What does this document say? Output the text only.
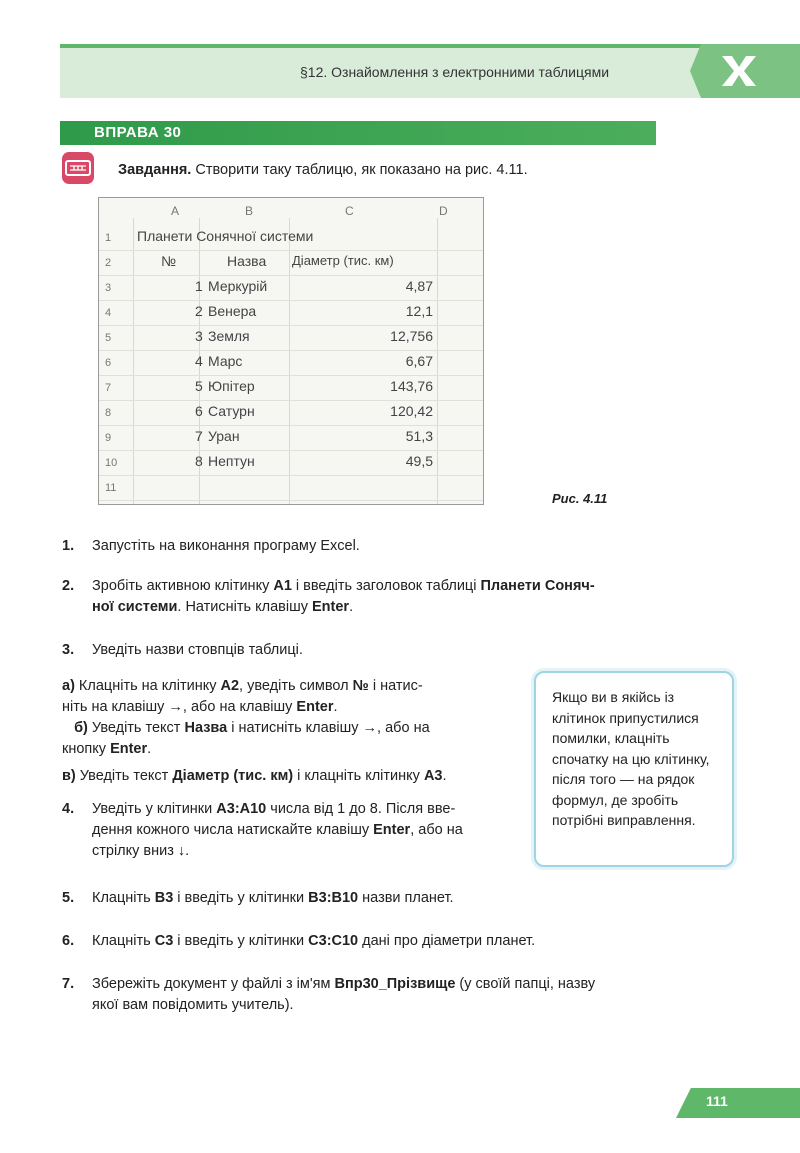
§12. Ознайомлення з електронними таблицями
ВПРАВА 30
Завдання. Створити таку таблицю, як показано на рис. 4.11.
A	B	C	D
1
2
3
4
5
6
7
8
9
10
11
Планети Сонячної системи
№	Назва Діаметр (тис. км)
1 Меркурій	4,87
2 Венера	12,1
3 Земля	12,756
4 Марс	6,67
5 Юпітер	143,76
6 Сатурн	120,42
7 Уран	51,3
8 Нептун	49,5
Рис. 4.11
1. Запустіть на виконання програму Excel.
2. Зробіть активною клітинку А1 і введіть заголовок таблиці Планети Соняч-
ної системи. Натисніть клавішу Enter.
3. Уведіть назви стовпців таблиці.
4. Уведіть у клітинки А3:А10 числа від 1 до 8. Після вве-
дення кожного числа натискайте клавішу Enter, або на
стрілку вниз ↓.
5. Клацніть B3 і введіть у клітинки B3:B10 назви планет.
6. Клацніть C3 і введіть у клітинки C3:C10 дані про діаметри планет.
7. Збережіть документ у файлі з ім'ям Впр30_Прізвище (у своїй папці, назву
якої вам повідомить учитель).
а) Клацніть на клітинку А2, уведіть символ № і натис-
ніть на клавішу →, або на клавішу Enter.
б) Уведіть текст Назва і натисніть клавішу →, або на
кнопку Enter.
в) Уведіть текст Діаметр (тис. км) і клацніть клітинку А3.
Якщо ви в якійсь із клітинок припустилися помилки, клацніть спочатку на цю клітинку, після того — на рядок формул, де зробіть потрібні виправлення.
111
